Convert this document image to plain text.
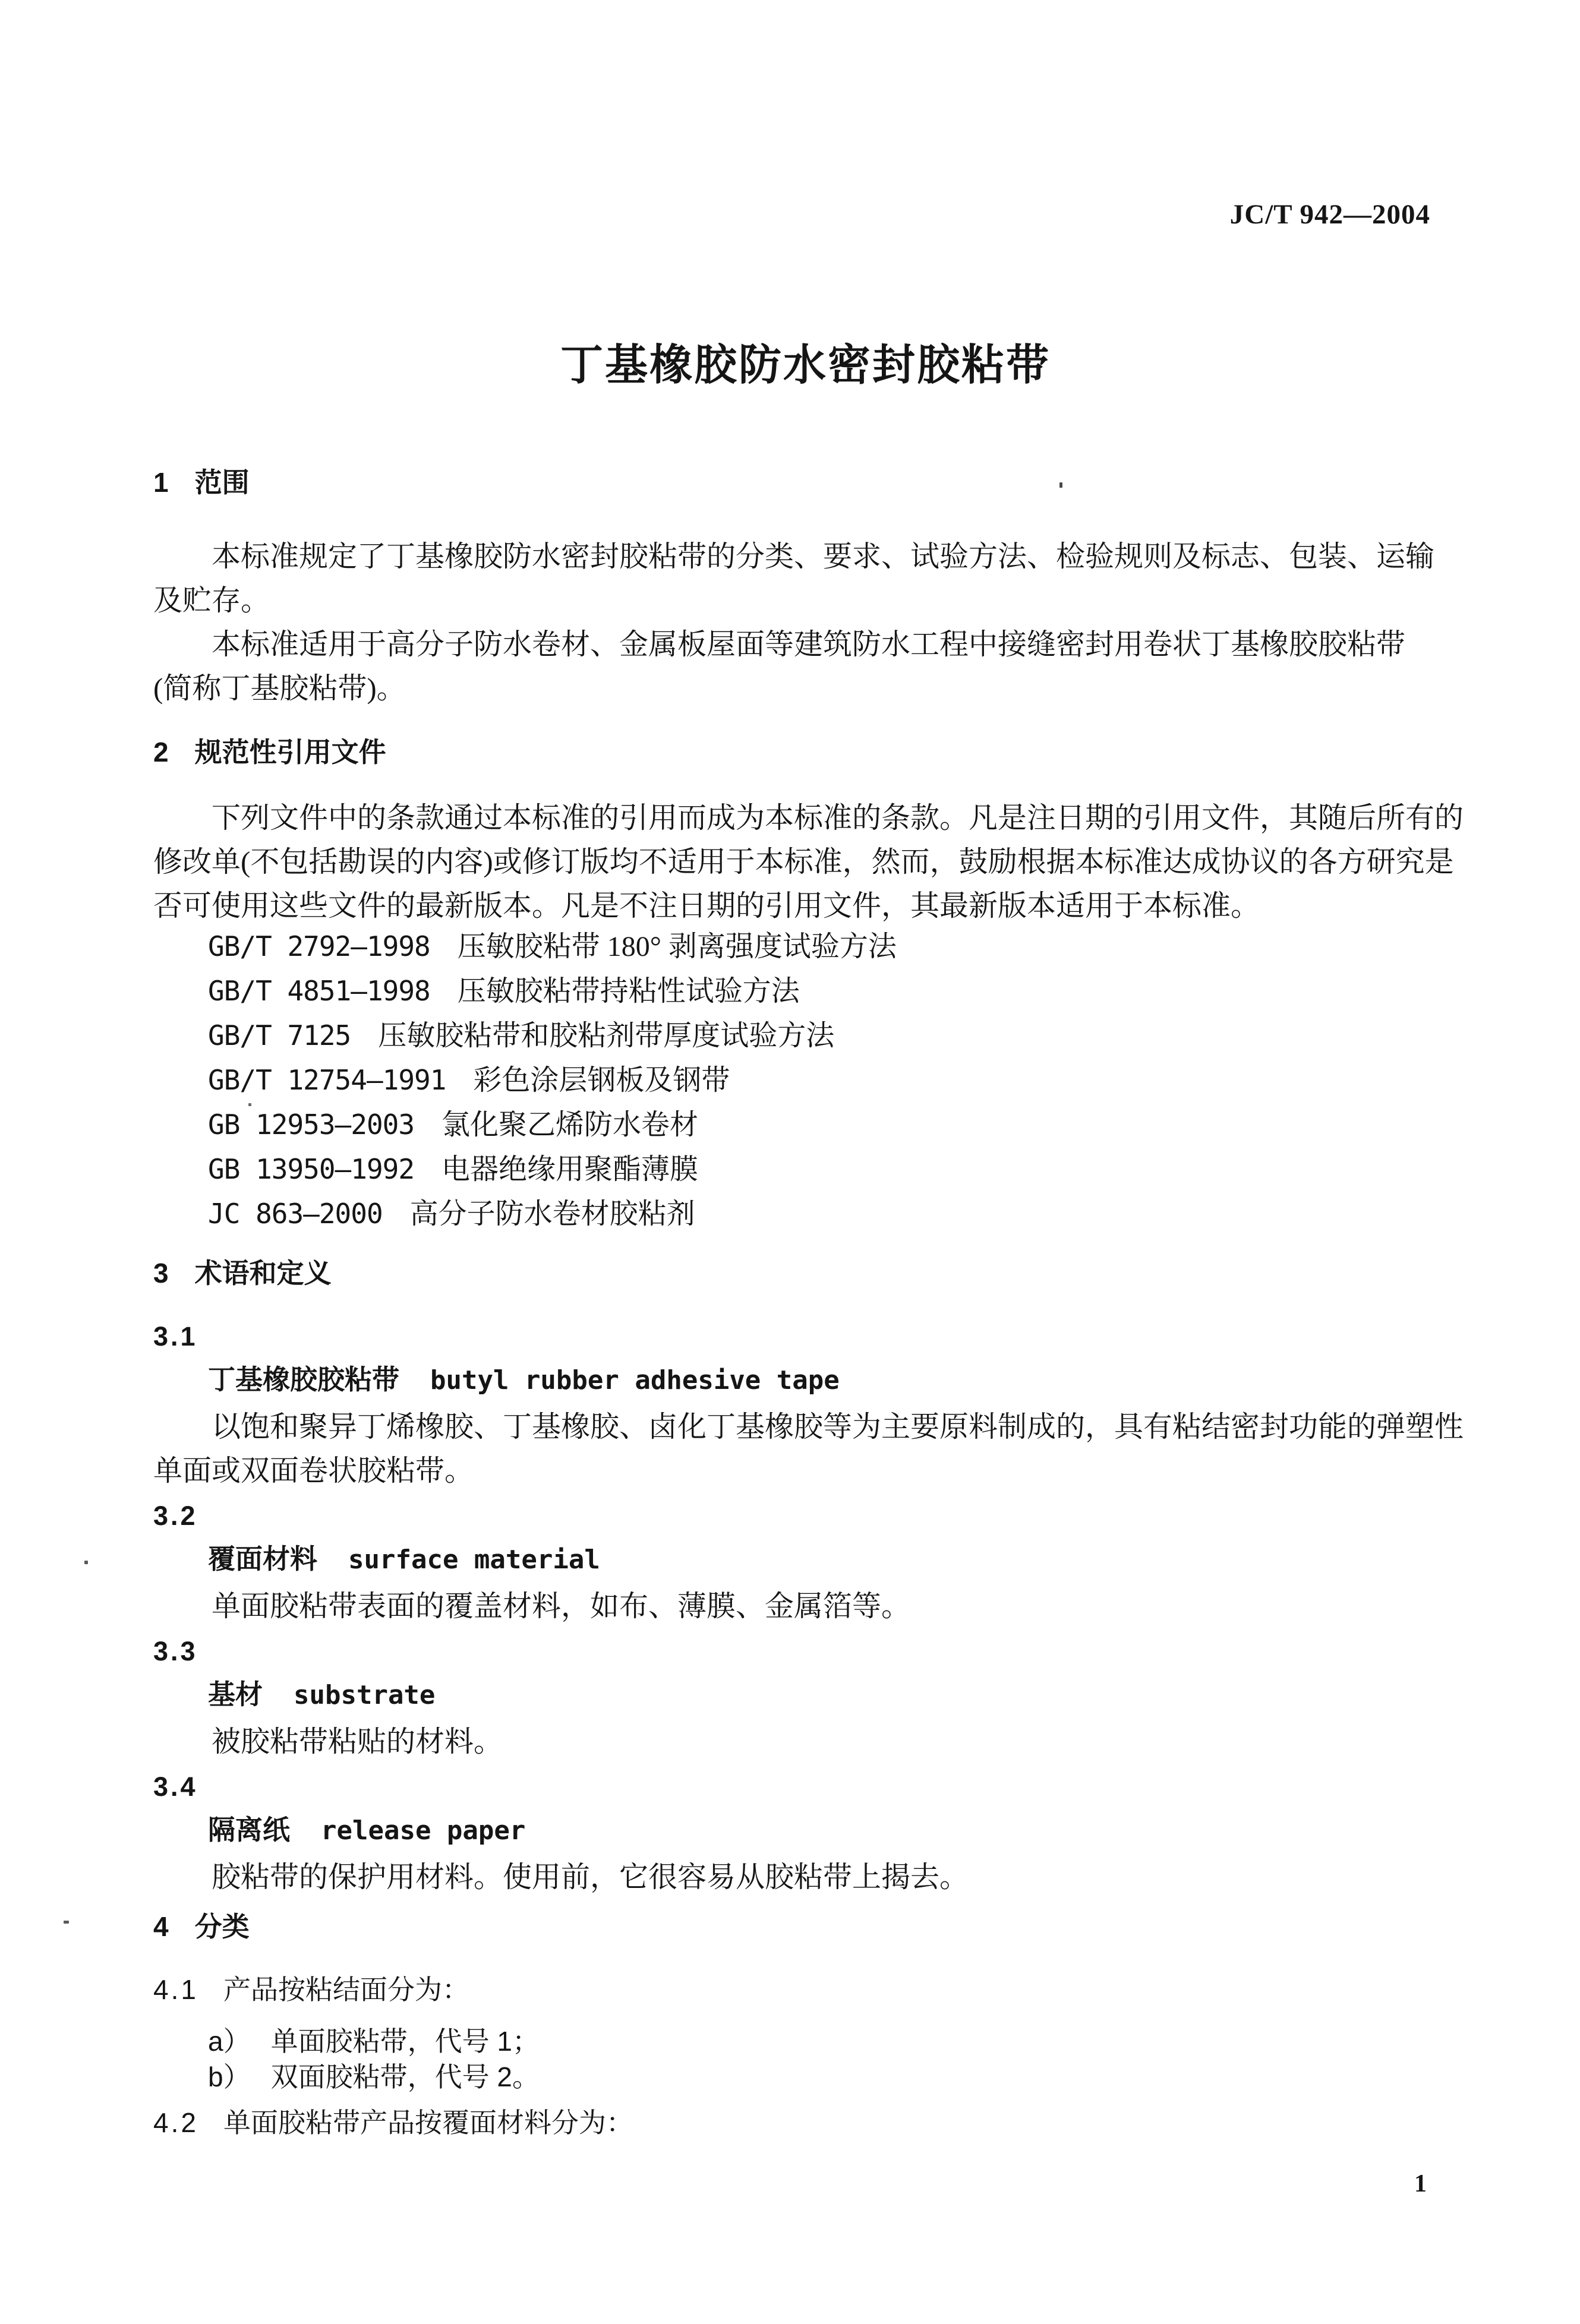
JC/T 942—2004
丁基橡胶防水密封胶粘带
1 范围
本标准规定了丁基橡胶防水密封胶粘带的分类、要求、试验方法、检验规则及标志、包装、运输
及贮存。
本标准适用于高分子防水卷材、金属板屋面等建筑防水工程中接缝密封用卷状丁基橡胶胶粘带
(简称丁基胶粘带)。
2 规范性引用文件
下列文件中的条款通过本标准的引用而成为本标准的条款。凡是注日期的引用文件，其随后所有的
修改单(不包括勘误的内容)或修订版均不适用于本标准，然而，鼓励根据本标准达成协议的各方研究是
否可使用这些文件的最新版本。凡是不注日期的引用文件，其最新版本适用于本标准。
GB/T 2792—1998 压敏胶粘带 180° 剥离强度试验方法
GB/T 4851—1998 压敏胶粘带持粘性试验方法
GB/T 7125 压敏胶粘带和胶粘剂带厚度试验方法
GB/T 12754—1991 彩色涂层钢板及钢带
GB 12953—2003 氯化聚乙烯防水卷材
GB 13950—1992 电器绝缘用聚酯薄膜
JC 863—2000 高分子防水卷材胶粘剂
3 术语和定义
3.1
丁基橡胶胶粘带 butyl rubber adhesive tape
以饱和聚异丁烯橡胶、丁基橡胶、卤化丁基橡胶等为主要原料制成的，具有粘结密封功能的弹塑性
单面或双面卷状胶粘带。
3.2
覆面材料 surface material
单面胶粘带表面的覆盖材料，如布、薄膜、金属箔等。
3.3
基材 substrate
被胶粘带粘贴的材料。
3.4
隔离纸 release paper
胶粘带的保护用材料。使用前，它很容易从胶粘带上揭去。
4 分类
4.1 产品按粘结面分为：
a） 单面胶粘带，代号 1；
b） 双面胶粘带，代号 2。
4.2 单面胶粘带产品按覆面材料分为：
1
